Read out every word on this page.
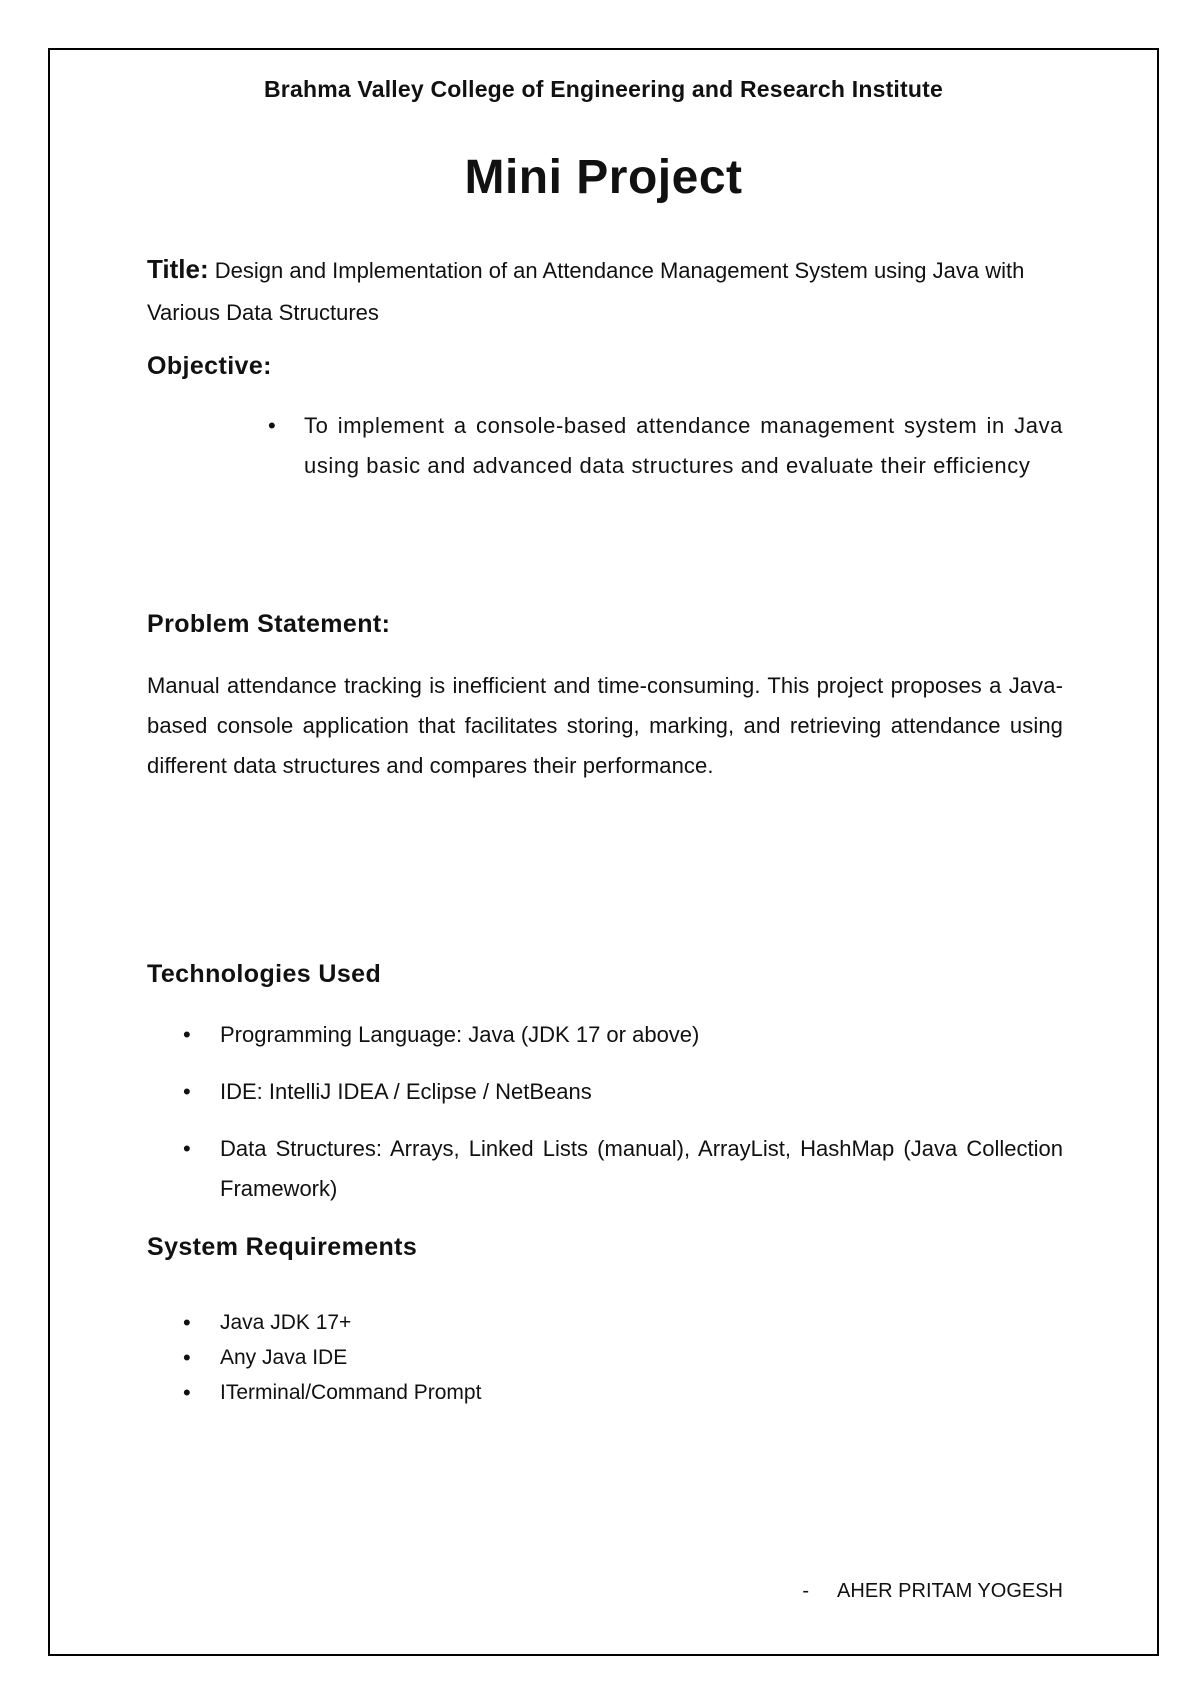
Brahma Valley College of Engineering and Research Institute
Mini Project
Title: Design and Implementation of an Attendance Management System using Java with Various Data Structures
Objective:
• To implement a console-based attendance management system in Java using basic and advanced data structures and evaluate their efficiency
Problem Statement:
Manual attendance tracking is inefficient and time-consuming. This project proposes a Java-based console application that facilitates storing, marking, and retrieving attendance using different data structures and compares their performance.
Technologies Used
• Programming Language: Java (JDK 17 or above)
• IDE: IntelliJ IDEA / Eclipse / NetBeans
• Data Structures: Arrays, Linked Lists (manual), ArrayList, HashMap (Java Collection Framework)
System Requirements
• Java JDK 17+
• Any Java IDE
• ITerminal/Command Prompt
- AHER PRITAM YOGESH
